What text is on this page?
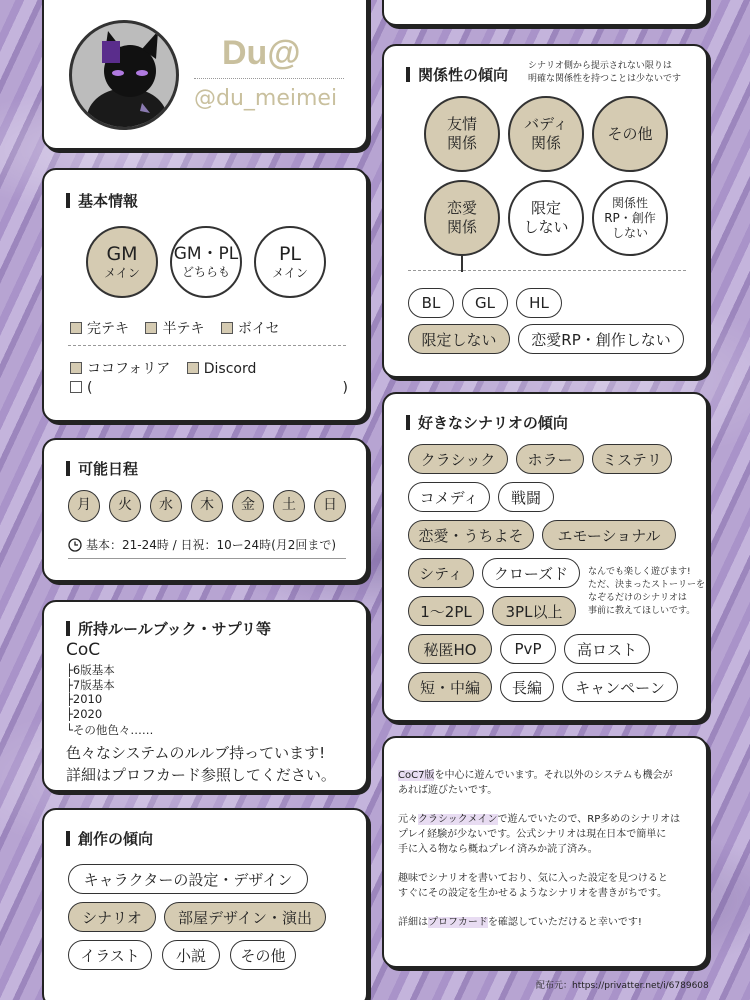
Du@
@du_meimei
基本情報
GM
メイン
GM・PL
どちらも
PL
メイン
完テキ 半テキ ボイセ
ココフォリア Discord
(	)
可能日程
月	火	水	木	金	土	日
基本：21-24時 / 日祝：10ー24時(月2回まで)
所持ルールブック・サプリ等
CoC
├6版基本
├7版基本
├2010
├2020
└その他色々……
色々なシステムのルルブ持っています!
詳細はプロフカード参照してください。
創作の傾向
キャラクターの設定・デザイン
シナリオ	部屋デザイン・演出
イラスト	小説	その他
関係性の傾向 シナリオ側から提示されない限りは
明確な関係性を持つことは少ないです
友情
関係
バディ
関係
その他
恋愛
関係
限定
しない
関係性
RP・創作
しない
BL	GL	HL
限定しない	恋愛RP・創作しない
好きなシナリオの傾向
クラシック	ホラー	ミステリ
コメディ	戦闘
恋愛・うちよそ	エモーショナル
シティ	クローズド
1〜2PL	3PL以上
秘匿HO	PvP	高ロスト
短・中編	長編	キャンペーン
なんでも楽しく遊びます!
ただ、決まったストーリーを
なぞるだけのシナリオは
事前に教えてほしいです。
CoC7版を中心に遊んでいます。それ以外のシステムも機会が
あれば遊びたいです。
元々クラシックメインで遊んでいたので、RP多めのシナリオは
プレイ経験が少ないです。公式シナリオは現在日本で簡単に
手に入る物なら概ねプレイ済みか読了済み。
趣味でシナリオを書いており、気に入った設定を見つけると
すぐにその設定を生かせるようなシナリオを書きがちです。
詳細はプロフカードを確認していただけると幸いです!
配布元：https://privatter.net/i/6789608
